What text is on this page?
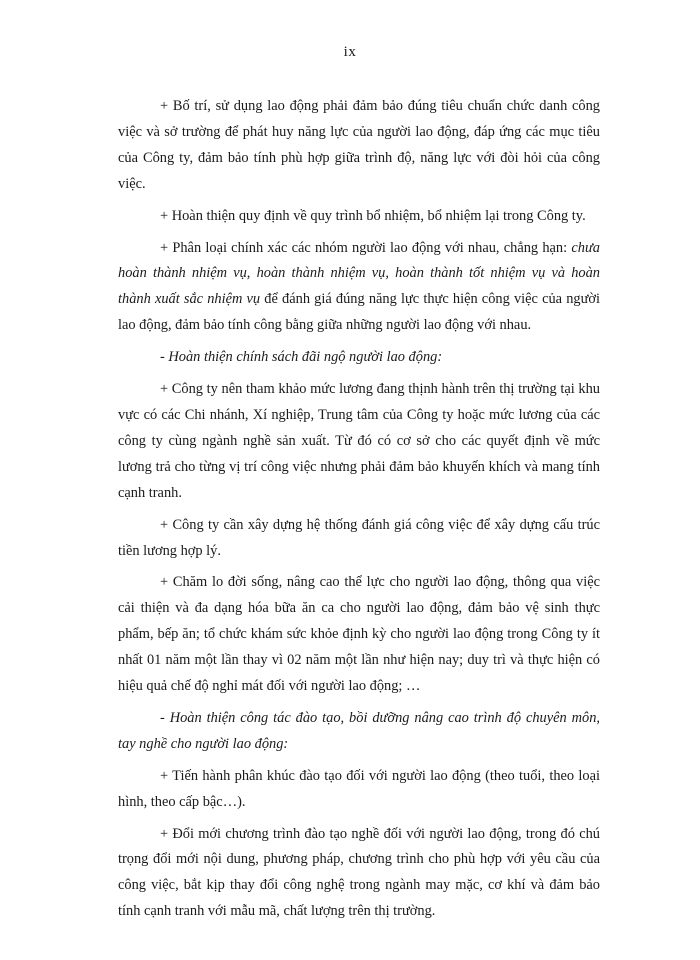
ix

+ Bố trí, sử dụng lao động phải đảm bảo đúng tiêu chuẩn chức danh công việc và sở trường để phát huy năng lực của người lao động, đáp ứng các mục tiêu của Công ty, đảm bảo tính phù hợp giữa trình độ, năng lực với đòi hỏi của công việc.

+ Hoàn thiện quy định về quy trình bổ nhiệm, bổ nhiệm lại trong Công ty.

+ Phân loại chính xác các nhóm người lao động với nhau, chẳng hạn: chưa hoàn thành nhiệm vụ, hoàn thành nhiệm vụ, hoàn thành tốt nhiệm vụ và hoàn thành xuất sắc nhiệm vụ để đánh giá đúng năng lực thực hiện công việc của người lao động, đảm bảo tính công bằng giữa những người lao động với nhau.

- Hoàn thiện chính sách đãi ngộ người lao động:

+ Công ty nên tham khảo mức lương đang thịnh hành trên thị trường tại khu vực có các Chi nhánh, Xí nghiệp, Trung tâm của Công ty hoặc mức lương của các công ty cùng ngành nghề sản xuất. Từ đó có cơ sở cho các quyết định về mức lương trả cho từng vị trí công việc nhưng phải đảm bảo khuyến khích và mang tính cạnh tranh.

+ Công ty cần xây dựng hệ thống đánh giá công việc để xây dựng cấu trúc tiền lương hợp lý.

+ Chăm lo đời sống, nâng cao thể lực cho người lao động, thông qua việc cải thiện và đa dạng hóa bữa ăn ca cho người lao động, đảm bảo vệ sinh thực phẩm, bếp ăn; tổ chức khám sức khỏe định kỳ cho người lao động trong Công ty ít nhất 01 năm một lần thay vì 02 năm một lần như hiện nay; duy trì và thực hiện có hiệu quả chế độ nghỉ mát đối với người lao động; …

- Hoàn thiện công tác đào tạo, bồi dưỡng nâng cao trình độ chuyên môn, tay nghề cho người lao động:

+ Tiến hành phân khúc đào tạo đối với người lao động (theo tuổi, theo loại hình, theo cấp bậc…).

+ Đổi mới chương trình đào tạo nghề đối với người lao động, trong đó chú trọng đổi mới nội dung, phương pháp, chương trình cho phù hợp với yêu cầu của công việc, bắt kịp thay đổi công nghệ trong ngành may mặc, cơ khí và đảm bảo tính cạnh tranh với mẫu mã, chất lượng trên thị trường.
